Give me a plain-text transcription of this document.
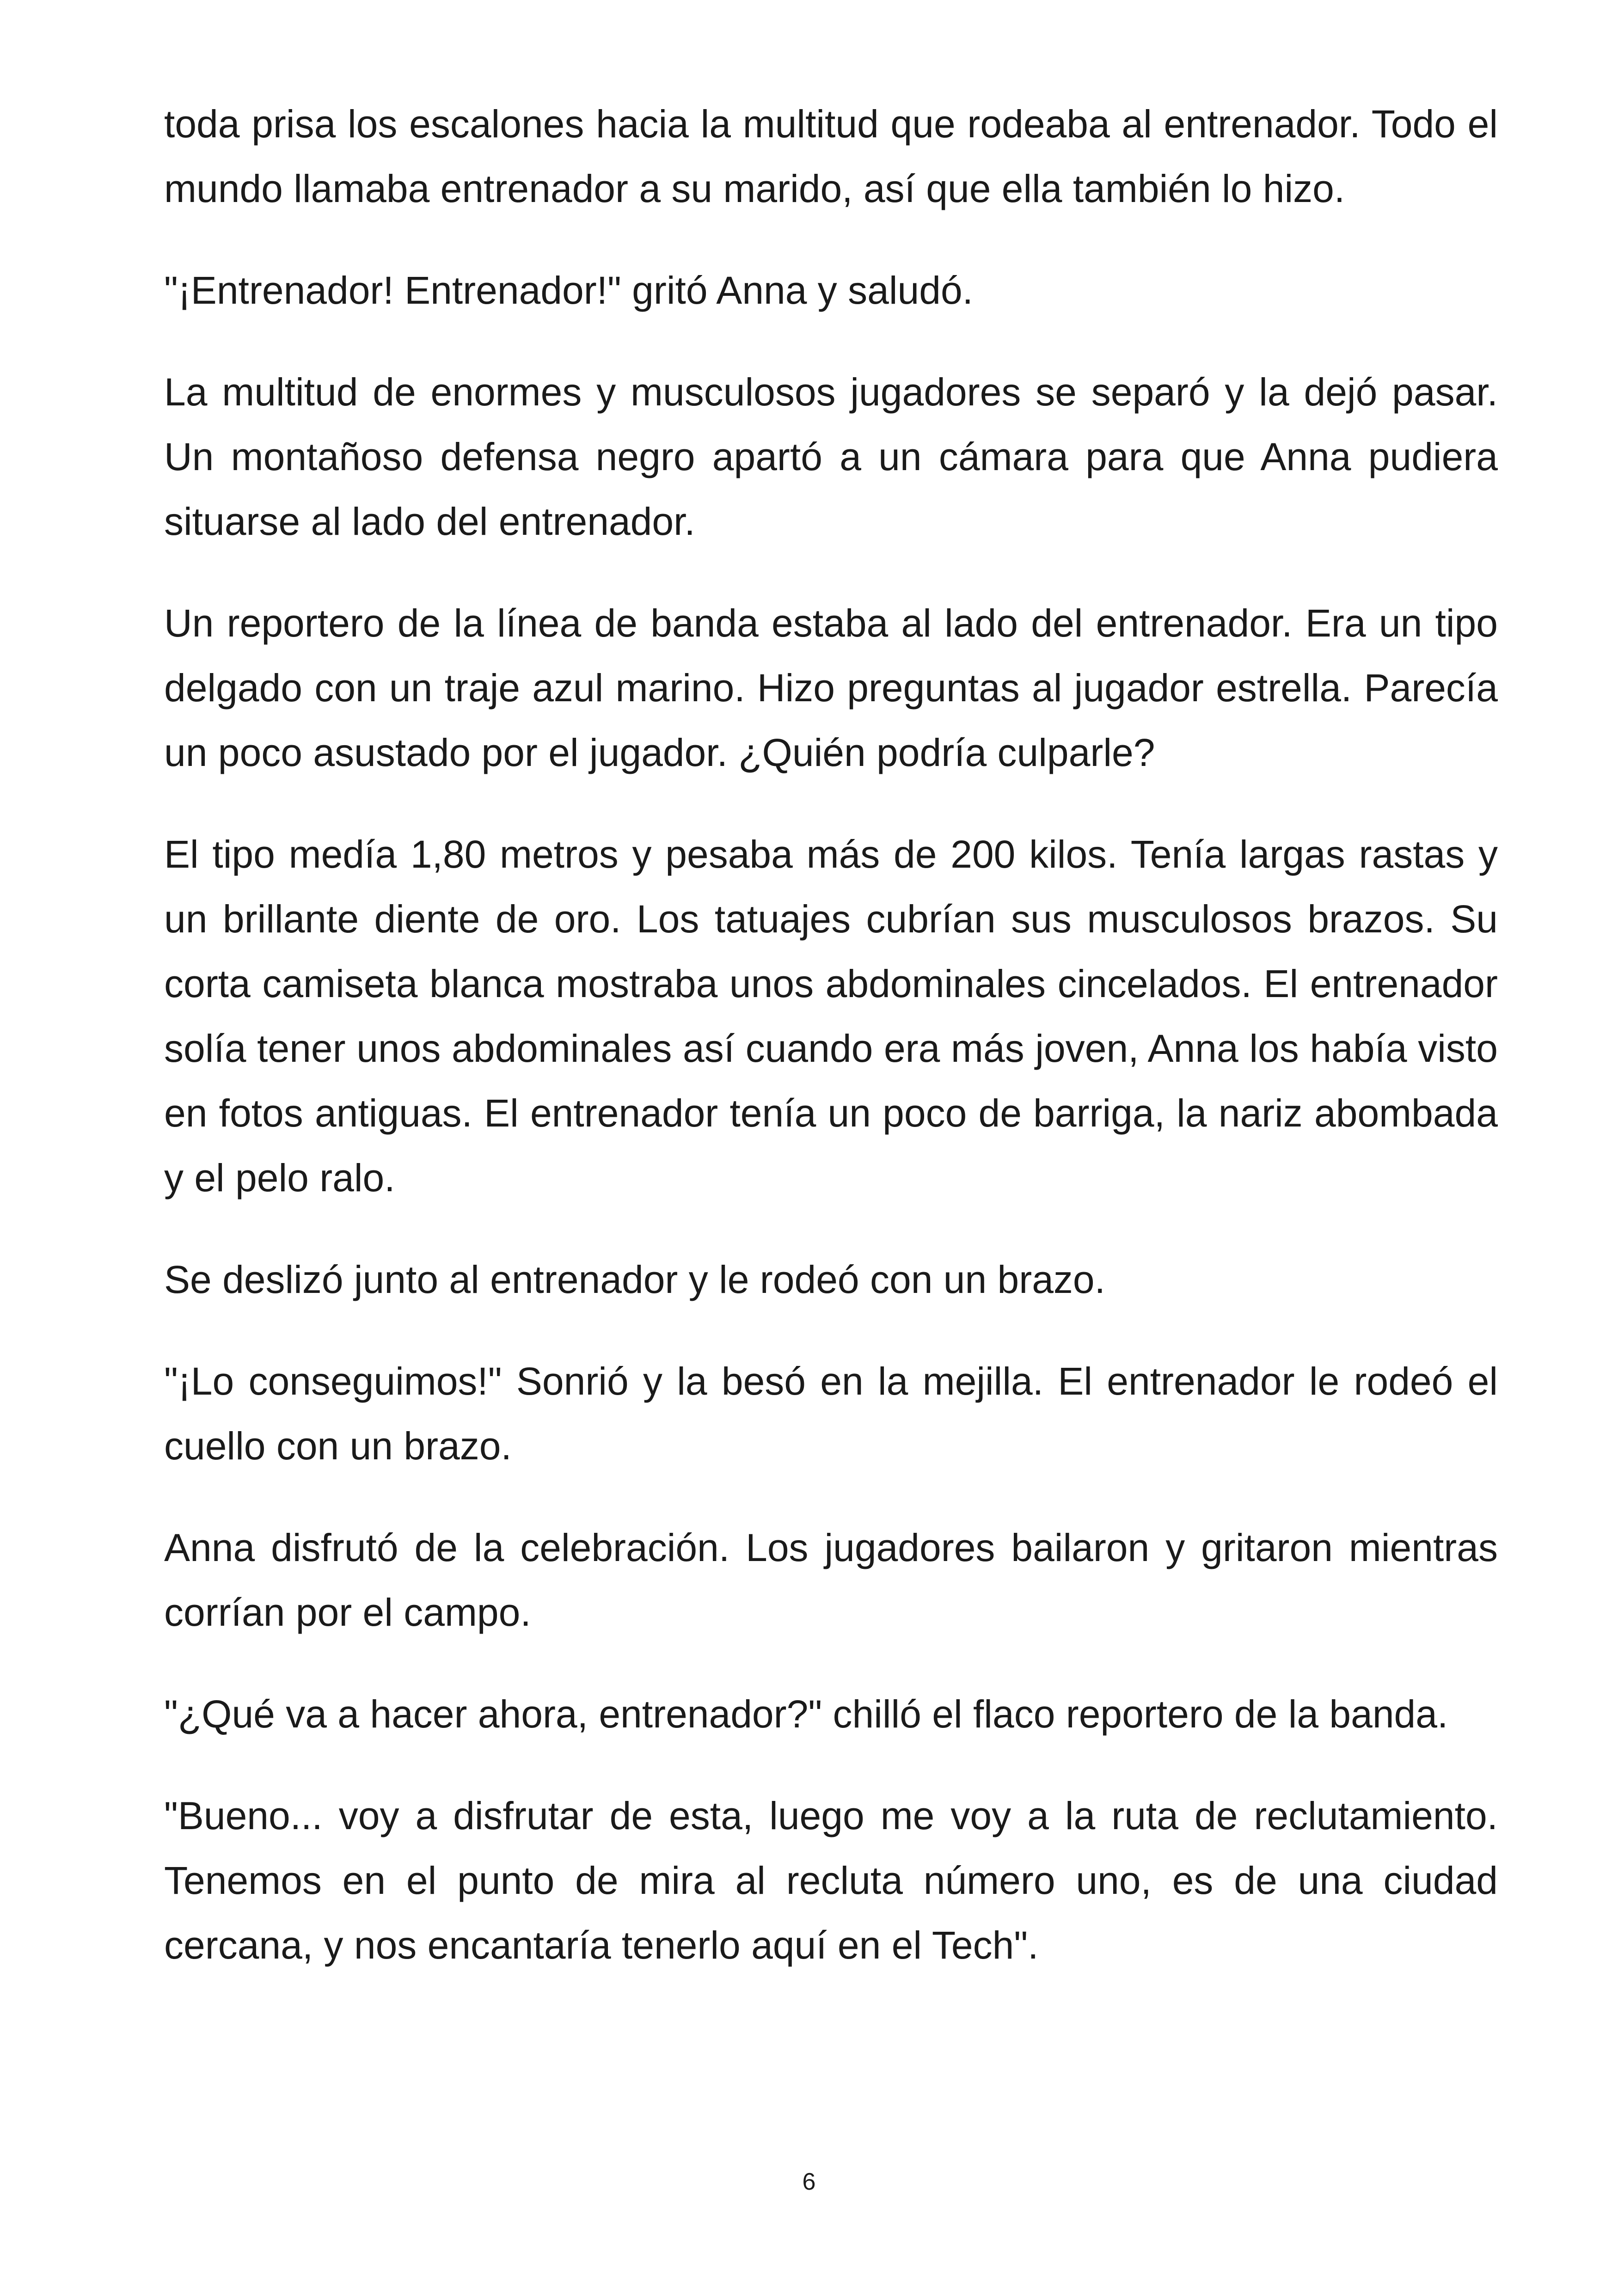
toda prisa los escalones hacia la multitud que rodeaba al entrenador. Todo el mundo llamaba entrenador a su marido, así que ella también lo hizo.

"¡Entrenador! Entrenador!" gritó Anna y saludó.

La multitud de enormes y musculosos jugadores se separó y la dejó pasar. Un montañoso defensa negro apartó a un cámara para que Anna pudiera situarse al lado del entrenador.

Un reportero de la línea de banda estaba al lado del entrenador. Era un tipo delgado con un traje azul marino. Hizo preguntas al jugador estrella. Parecía un poco asustado por el jugador. ¿Quién podría culparle?

El tipo medía 1,80 metros y pesaba más de 200 kilos. Tenía largas rastas y un brillante diente de oro. Los tatuajes cubrían sus musculosos brazos. Su corta camiseta blanca mostraba unos abdominales cincelados. El entrenador solía tener unos abdominales así cuando era más joven, Anna los había visto en fotos antiguas. El entrenador tenía un poco de barriga, la nariz abombada y el pelo ralo.

Se deslizó junto al entrenador y le rodeó con un brazo.

"¡Lo conseguimos!" Sonrió y la besó en la mejilla. El entrenador le rodeó el cuello con un brazo.

Anna disfrutó de la celebración. Los jugadores bailaron y gritaron mientras corrían por el campo.

"¿Qué va a hacer ahora, entrenador?" chilló el flaco reportero de la banda.

"Bueno... voy a disfrutar de esta, luego me voy a la ruta de reclutamiento. Tenemos en el punto de mira al recluta número uno, es de una ciudad cercana, y nos encantaría tenerlo aquí en el Tech".

6
